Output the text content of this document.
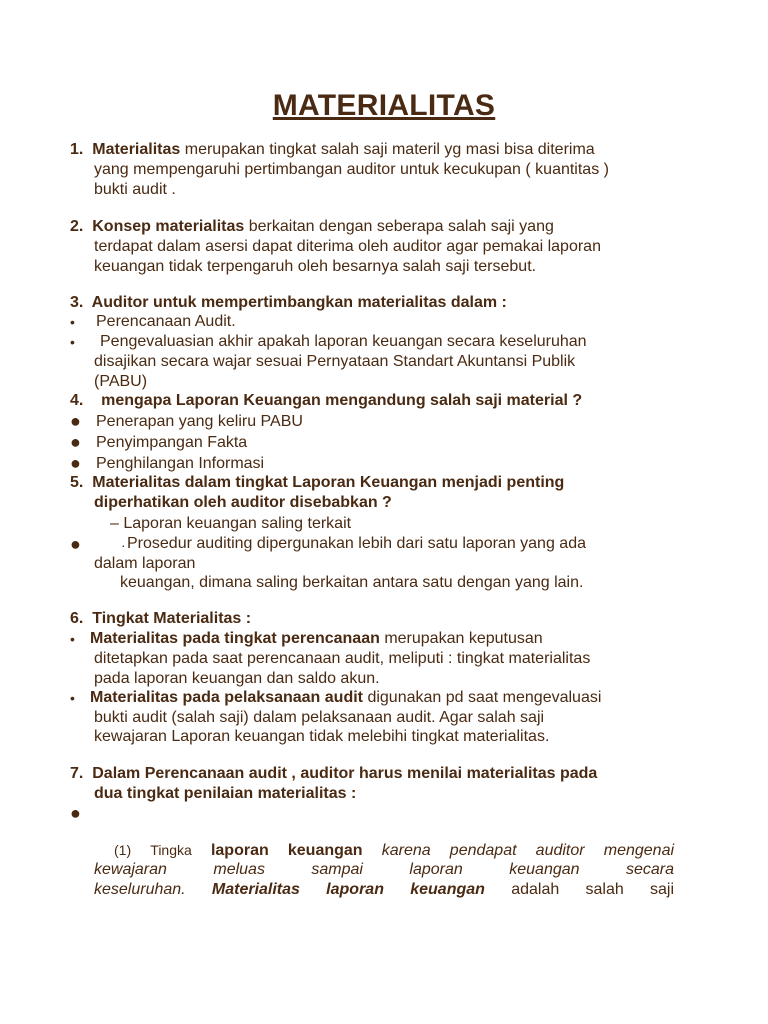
MATERIALITAS
1. Materialitas merupakan tingkat salah saji materil yg masi bisa diterima
yang mempengaruhi pertimbangan auditor untuk kecukupan ( kuantitas )
bukti audit .
2. Konsep materialitas berkaitan dengan seberapa salah saji yang
terdapat dalam asersi dapat diterima oleh auditor agar pemakai laporan
keuangan tidak terpengaruh oleh besarnya salah saji tersebut.
3. Auditor untuk mempertimbangkan materialitas dalam :
• Perencanaan Audit.
• Pengevaluasian akhir apakah laporan keuangan secara keseluruhan
disajikan secara wajar sesuai Pernyataan Standart Akuntansi Publik
(PABU)
4. mengapa Laporan Keuangan mengandung salah saji material ?
● Penerapan yang keliru PABU
● Penyimpangan Fakta
● Penghilangan Informasi
5. Materialitas dalam tingkat Laporan Keuangan menjadi penting
diperhatikan oleh auditor disebabkan ?
– Laporan keuangan saling terkait
●	· Prosedur auditing dipergunakan lebih dari satu laporan yang ada
dalam laporan
keuangan, dimana saling berkaitan antara satu dengan yang lain.
6. Tingkat Materialitas :
• Materialitas pada tingkat perencanaan merupakan keputusan
ditetapkan pada saat perencanaan audit, meliputi : tingkat materialitas
pada laporan keuangan dan saldo akun.
• Materialitas pada pelaksanaan audit digunakan pd saat mengevaluasi
bukti audit (salah saji) dalam pelaksanaan audit. Agar salah saji
kewajaran Laporan keuangan tidak melebihi tingkat materialitas.
7. Dalam Perencanaan audit , auditor harus menilai materialitas pada
dua tingkat penilaian materialitas :
●
(1) Tingka laporan keuangan karena pendapat auditor mengenai
kewajaran meluas sampai laporan keuangan secara
keseluruhan. Materialitas laporan keuangan adalah salah saji
